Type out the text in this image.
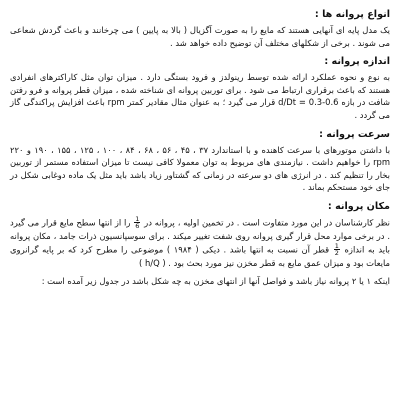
انواع پروانه ها :

یک مدل پایه ای آنهایی هستند که مایع را به صورت آگزیال ( بالا به پایین ) می چرخانند و باعث گردش شعاعی می شوند . برخی از شکلهای مختلف آن توضیح داده خواهد شد .

اندازه پروانه :

به نوع و نحوه عملکرد ارائه شده توسط رینولدز و فرود بستگی دارد . میزان توان مثل کاراکترهای انفرادی هستند که باعث برقراری ارتباط می شود . برای توربین پروانه ای شناخته شده ، میزان قطر پروانه و فرو رفتن شافت در بازه d/Dt = 0.3-0.6 قرار می گیرد ؛ به عنوان مثال مقادیر کمتر rpm باعث افزایش پراکندگی گاز می گردد .

سرعت پروانه :

با داشتن موتورهای با سرعت کاهنده و با استاندارد ۳۷ ، ۴۵ ، ۵۶ ، ۶۸ ، ۸۴ ، ۱۰۰ ، ۱۲۵ ، ۱۵۵ ، ۱۹۰ و ۲۲۰ rpm را خواهیم داشت . نیازمندی های مربوط به توان معمولا کافی نیست تا میزان استفاده مستمر از توربین بخار را تنظیم کند . در انرژی های دو سرعته در زمانی که گشتاور زیاد باشد باید مثل یک ماده دوغابی شکل در جای خود مستحکم بماند .

مکان پروانه :

نظر کارشناسان در این مورد متفاوت است . در تخمین اولیه ، پروانه در
$\frac{1}{6}$
را از انتها سطح مایع قرار می گیرد . در برخی موارد محل قرار گیری پروانه روی شفت تغییر میکند . برای سوسپانسیون ذرات جامد ، مکان پروانه باید به اندازه
$\frac{1}{2}$
قطر آن نسبت به انتها باشد . دیکی ( ۱۹۸۴ ) موضوعی را مطرح کرد که بر پایه گرانروی مایعات بود و میزان عمق مایع به قطر مخزن نیز مورد بحث بود . ( h/Q )

اینکه ۱ یا ۲ پروانه نیاز باشد و فواصل آنها از انتهای مخزن به چه شکل باشد در جدول زیر آمده است :
